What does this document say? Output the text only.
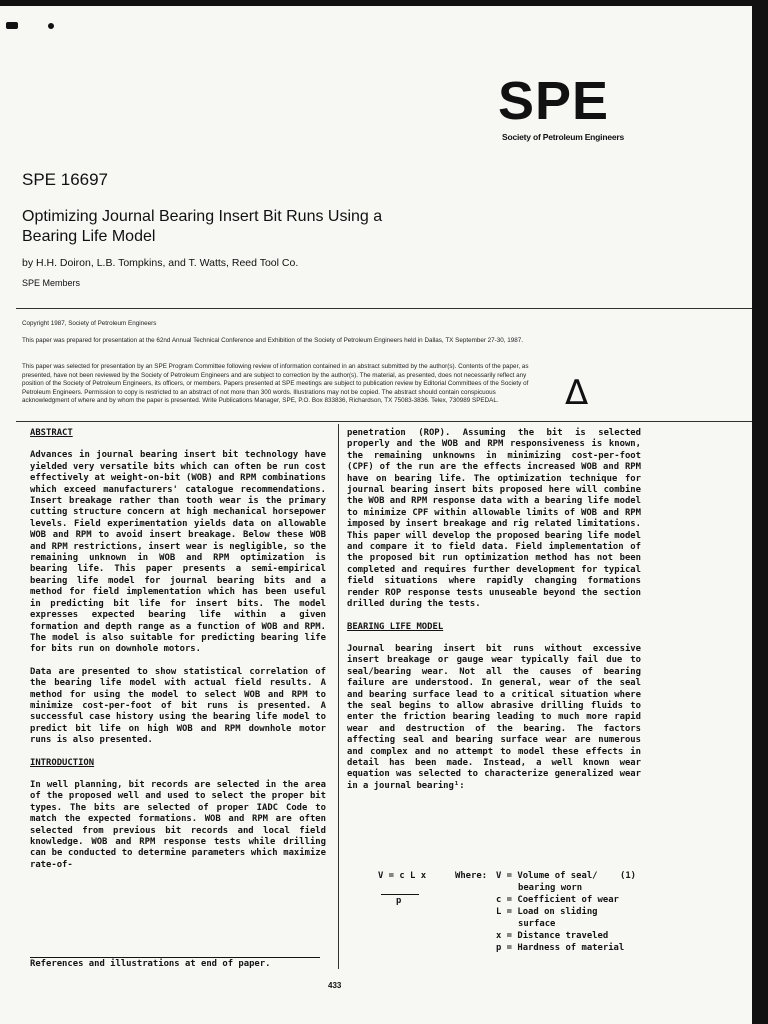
SPE
Society of Petroleum Engineers
SPE 16697
Optimizing Journal Bearing Insert Bit Runs Using a
Bearing Life Model
by H.H. Doiron, L.B. Tompkins, and T. Watts, Reed Tool Co.
SPE Members
Copyright 1987, Society of Petroleum Engineers
This paper was prepared for presentation at the 62nd Annual Technical Conference and Exhibition of the Society of Petroleum Engineers held in Dallas, TX September 27-30, 1987.
This paper was selected for presentation by an SPE Program Committee following review of information contained in an abstract submitted by the author(s). Contents of the paper, as presented, have not been reviewed by the Society of Petroleum Engineers and are subject to correction by the author(s). The material, as presented, does not necessarily reflect any position of the Society of Petroleum Engineers, its officers, or members. Papers presented at SPE meetings are subject to publication review by Editorial Committees of the Society of Petroleum Engineers. Permission to copy is restricted to an abstract of not more than 300 words. Illustrations may not be copied. The abstract should contain conspicuous acknowledgment of where and by whom the paper is presented. Write Publications Manager, SPE, P.O. Box 833836, Richardson, TX 75083-3836. Telex, 730989 SPEDAL.	Δ
ABSTRACT

Advances in journal bearing insert bit technology have yielded very versatile bits which can often be run cost effectively at weight-on-bit (WOB) and RPM combinations which exceed manufacturers' catalogue recommendations. Insert breakage rather than tooth wear is the primary cutting structure concern at high mechanical horsepower levels. Field experimentation yields data on allowable WOB and RPM to avoid insert breakage. Below these WOB and RPM restrictions, insert wear is negligible, so the remaining unknown in WOB and RPM optimization is bearing life. This paper presents a semi-empirical bearing life model for journal bearing bits and a method for field implementation which has been useful in predicting bit life for insert bits. The model expresses expected bearing life within a given formation and depth range as a function of WOB and RPM. The model is also suitable for predicting bearing life for bits run on downhole motors.

Data are presented to show statistical correlation of the bearing life model with actual field results. A method for using the model to select WOB and RPM to minimize cost-per-foot of bit runs is presented. A successful case history using the bearing life model to predict bit life on high WOB and RPM downhole motor runs is also presented.

INTRODUCTION

In well planning, bit records are selected in the area of the proposed well and used to select the proper bit types. The bits are selected of proper IADC Code to match the expected formations. WOB and RPM are often selected from previous bit records and local field knowledge. WOB and RPM response tests while drilling can be conducted to determine parameters which maximize rate-of-

References and illustrations at end of paper.

penetration (ROP). Assuming the bit is selected properly and the WOB and RPM responsiveness is known, the remaining unknowns in minimizing cost-per-foot (CPF) of the run are the effects increased WOB and RPM have on bearing life. The optimization technique for journal bearing insert bits proposed here will combine the WOB and RPM response data with a bearing life model to minimize CPF within allowable limits of WOB and RPM imposed by insert breakage and rig related limitations. This paper will develop the proposed bearing life model and compare it to field data. Field implementation of the proposed bit run optimization method has not been completed and requires further development for typical field situations where rapidly changing formations render ROP response tests unuseable beyond the section drilled during the tests.

BEARING LIFE MODEL

Journal bearing insert bit runs without excessive insert breakage or gauge wear typically fail due to seal/bearing wear. Not all the causes of bearing failure are understood. In general, wear of the seal and bearing surface lead to a critical situation where the seal begins to allow abrasive drilling fluids to enter the friction bearing leading to much more rapid wear and destruction of the bearing. The factors affecting seal and bearing surface wear are numerous and complex and no attempt to model these effects in detail has been made. Instead, a well known wear equation was selected to characterize generalized wear in a journal bearing¹:

V = c L x
p
Where:	(1)
V = Volume of seal/
bearing worn
c = Coefficient of wear
L = Load on sliding
surface
x = Distance traveled
p = Hardness of material
433
